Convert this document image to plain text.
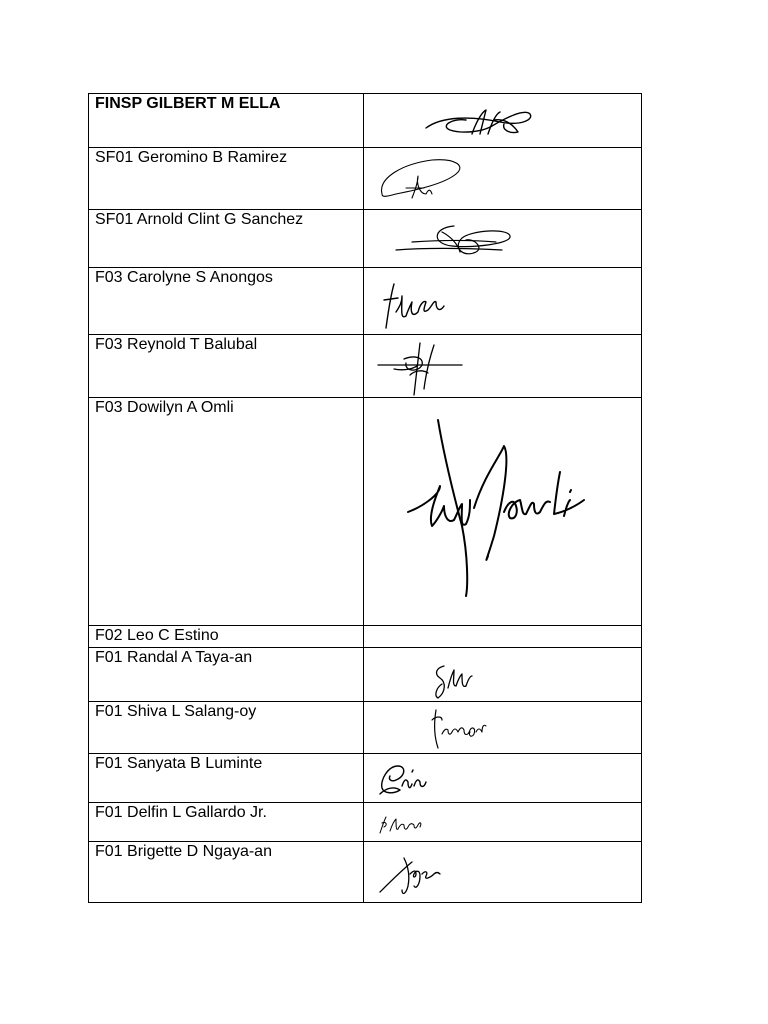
FINSP GILBERT M ELLA	

SF01 Geromino B Ramirez	

SF01 Arnold Clint G Sanchez	

F03 Carolyne S Anongos	

F03 Reynold T Balubal	

F03 Dowilyn A Omli	

F02 Leo C Estino	
F01 Randal A Taya-an	

F01 Shiva L Salang-oy	

F01 Sanyata B Luminte	

F01 Delfin L Gallardo Jr.	

F01 Brigette D Ngaya-an	
